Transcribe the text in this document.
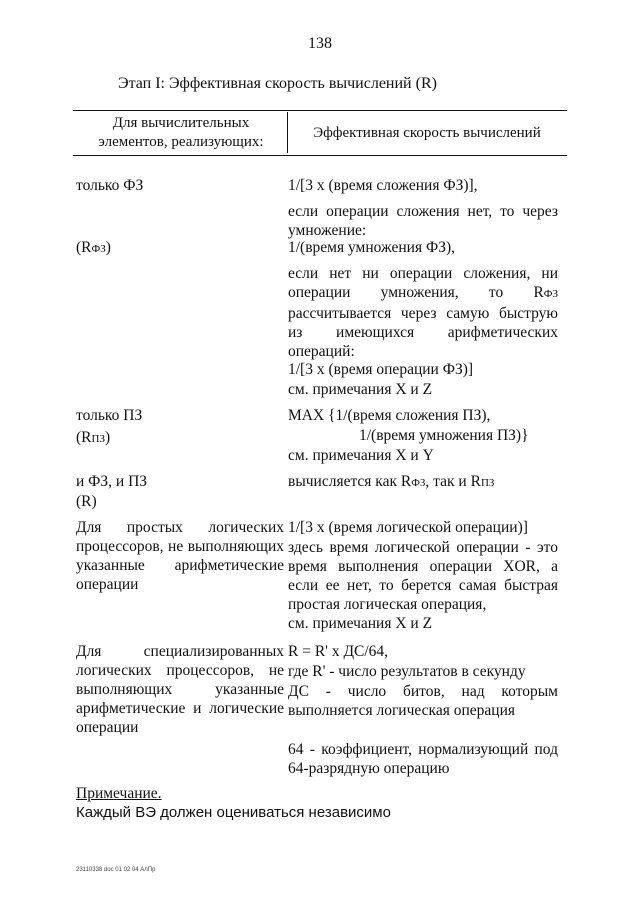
138
Этап I: Эффективная скорость вычислений (R)
Для вычислительных
элементов, реализующих:
Эффективная скорость вычислений
только ФЗ
(RФЗ)
1/[3 х (время сложения ФЗ)],
если операции сложения нет, то через умножение:
1/(время умножения ФЗ),
если нет ни операции сложения, ни операции умножения, то RФЗ рассчитывается через самую быструю из имеющихся арифметических операций:
1/[3 х (время операции ФЗ)]
см. примечания X и Z
только ПЗ
(RПЗ)
MAX {1/(время сложения ПЗ),
1/(время умножения ПЗ)}
см. примечания X и Y
и ФЗ, и ПЗ
(R)
вычисляется как RФЗ, так и RПЗ
Для простых логических процессоров, не выполняющих указанные арифметические операции
1/[3 х (время логической операции)]
здесь время логической операции - это время выполнения операции XOR, а если ее нет, то берется самая быстрая простая логическая операция,
см. примечания X и Z
Для специализированных логических процессоров, не выполняющих указанные арифметические и логические операции
R = R' х ДС/64,
где R' - число результатов в секунду
ДС - число битов, над которым выполняется логическая операция
64 - коэффициент, нормализующий под 64-разрядную операцию
Примечание.
Каждый ВЭ должен оцениваться независимо
23110338 doc 01 02 04 АлПр
